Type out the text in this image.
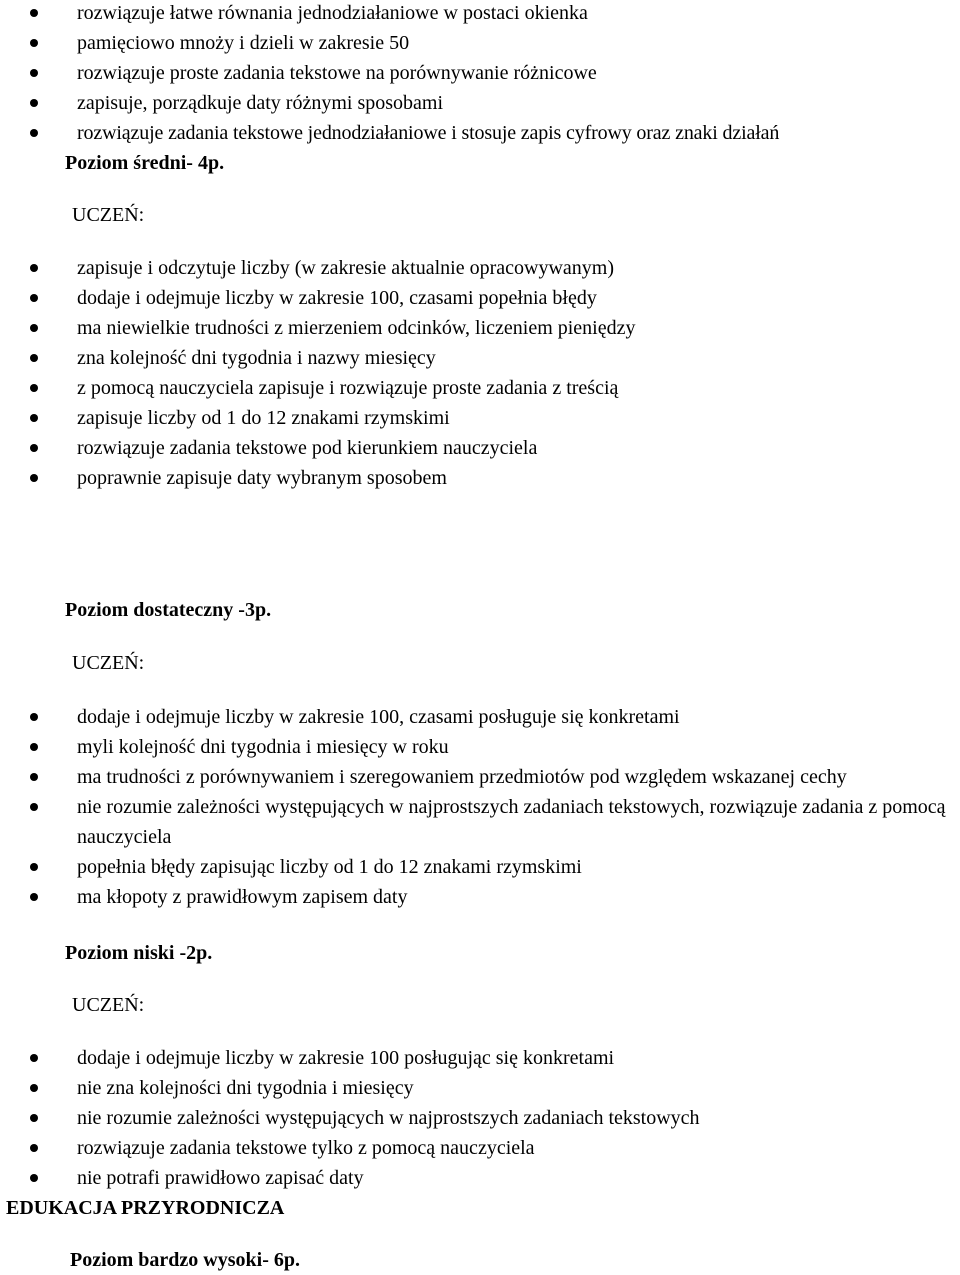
rozwiązuje łatwe równania jednodziałaniowe w postaci okienka
pamięciowo mnoży i dzieli w zakresie 50
rozwiązuje proste zadania tekstowe na porównywanie różnicowe
zapisuje, porządkuje daty różnymi sposobami
rozwiązuje zadania tekstowe jednodziałaniowe i stosuje zapis cyfrowy oraz znaki działań
Poziom średni- 4p.
UCZEŃ:
zapisuje i odczytuje liczby (w zakresie aktualnie opracowywanym)
dodaje i odejmuje liczby w zakresie 100, czasami popełnia błędy
ma niewielkie trudności z mierzeniem odcinków, liczeniem pieniędzy
zna kolejność dni tygodnia i nazwy miesięcy
z pomocą nauczyciela zapisuje i rozwiązuje proste zadania z treścią
zapisuje liczby od 1 do 12 znakami rzymskimi
rozwiązuje zadania tekstowe pod kierunkiem nauczyciela
poprawnie zapisuje daty wybranym sposobem
Poziom dostateczny -3p.
UCZEŃ:
dodaje i odejmuje liczby w zakresie 100, czasami posługuje się konkretami
myli kolejność dni tygodnia i miesięcy w roku
ma trudności z porównywaniem i szeregowaniem przedmiotów pod względem wskazanej cechy
nie rozumie zależności występujących w najprostszych zadaniach tekstowych, rozwiązuje zadania z pomocą nauczyciela
popełnia błędy zapisując liczby od 1 do 12 znakami rzymskimi
ma kłopoty z prawidłowym zapisem daty
Poziom niski -2p.
UCZEŃ:
dodaje i odejmuje liczby w zakresie 100 posługując się konkretami
nie zna kolejności dni tygodnia i miesięcy
nie rozumie zależności występujących w najprostszych zadaniach tekstowych
rozwiązuje zadania tekstowe tylko z pomocą nauczyciela
nie potrafi prawidłowo zapisać daty
EDUKACJA PRZYRODNICZA
Poziom bardzo wysoki- 6p.
